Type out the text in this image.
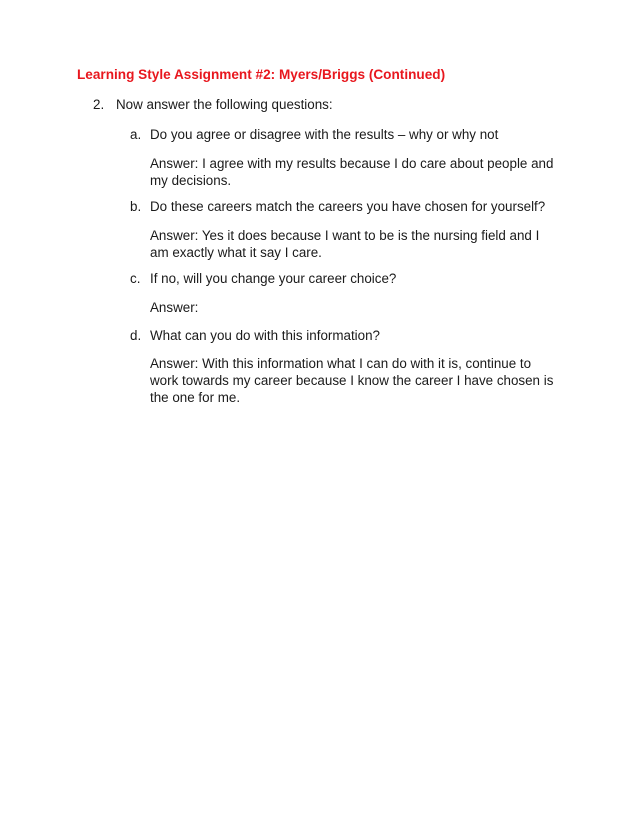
Learning Style Assignment #2: Myers/Briggs (Continued)
2. Now answer the following questions:
a. Do you agree or disagree with the results – why or why not
Answer: I agree with my results because I do care about people and my decisions.
b. Do these careers match the careers you have chosen for yourself?
Answer: Yes it does because I want to be is the nursing field and I am exactly what it say I care.
c. If no, will you change your career choice?
Answer:
d. What can you do with this information?
Answer: With this information what I can do with it is, continue to work towards my career because I know the career I have chosen is the one for me.
